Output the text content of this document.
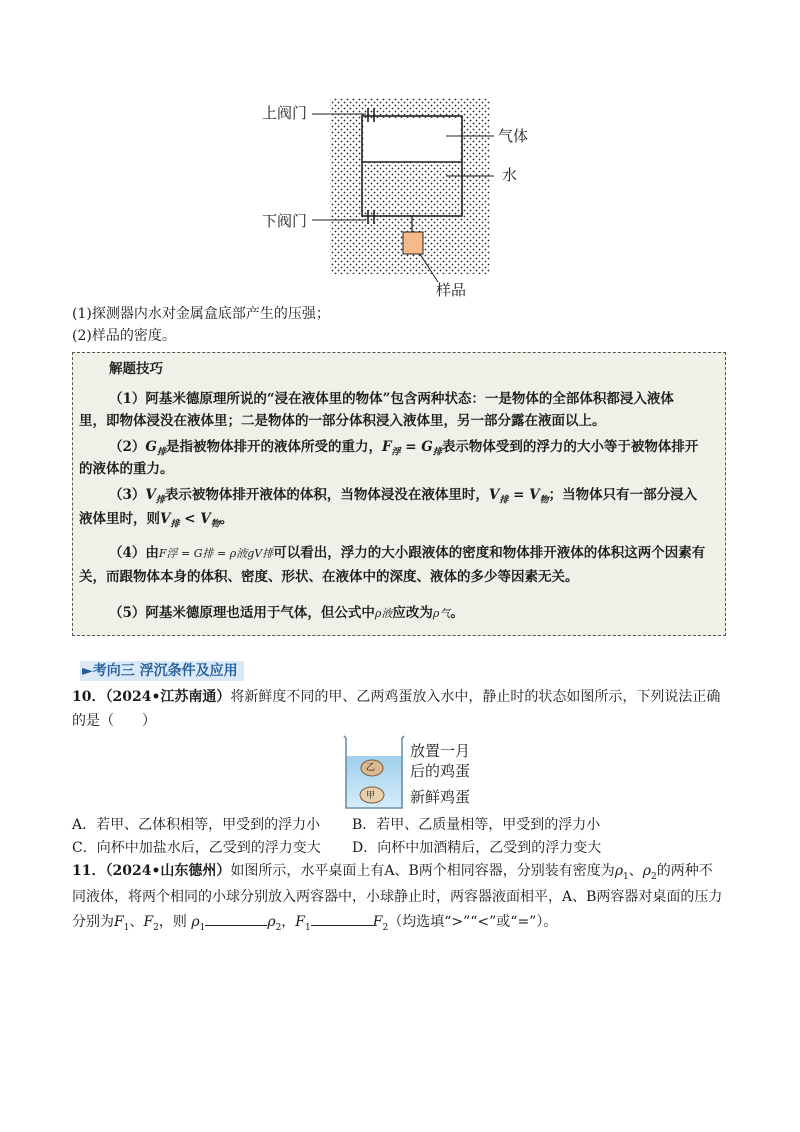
上阀门
下阀门
气体
水
样品
(1)探测器内水对金属盒底部产生的压强；
(2)样品的密度。

解题技巧

（1）阿基米德原理所说的“浸在液体里的物体”包含两种状态：一是物体的全部体积都浸入液体

里，即物体浸没在液体里；二是物体的一部分体积浸入液体里，另一部分露在液面以上。

$(2)G_排$是指被物体排开的液体所受的重力，$F_浮 = G_排$表示物体受到的浮力的大小等于被物体排开

的液体的重力。

$(3)V_排$表示被物体排开液体的体积，当物体浸没在液体里时，$V_排 = V_物$；当物体只有一部分浸入

液体里时，则$V_排 < V_物$。

（4）由F浮 = G排 = ρ液gV排可以看出，浮力的大小跟液体的密度和物体排开液体的体积这两个因素有

关，而跟物体本身的体积、密度、形状、在液体中的深度、液体的多少等因素无关。

（5）阿基米德原理也适用于气体，但公式中ρ液应改为ρ气。

►考向三 浮沉条件及应用
10．（2024•江苏南通）将新鲜度不同的甲、乙两鸡蛋放入水中，静止时的状态如图所示，下列说法正确
的是（　　）
乙
甲
放置一月
后的鸡蛋
新鲜鸡蛋
A．若甲、乙体积相等，甲受到的浮力小 B．若甲、乙质量相等，甲受到的浮力小
C．向杯中加盐水后，乙受到的浮力变大 D．向杯中加酒精后，乙受到的浮力变大
11．（2024•山东德州）如图所示，水平桌面上有A、B两个相同容器，分别装有密度为$\rho_1$、$\rho_2$的两种不
同液体，将两个相同的小球分别放入两容器中，小球静止时，两容器液面相平，A、B两容器对桌面的压力
分别为$F_1$、$F_2$，则 $\rho_1$	$\rho_2$，$F_1$	$F_2$（均选填“>”“<”或“=”）。
